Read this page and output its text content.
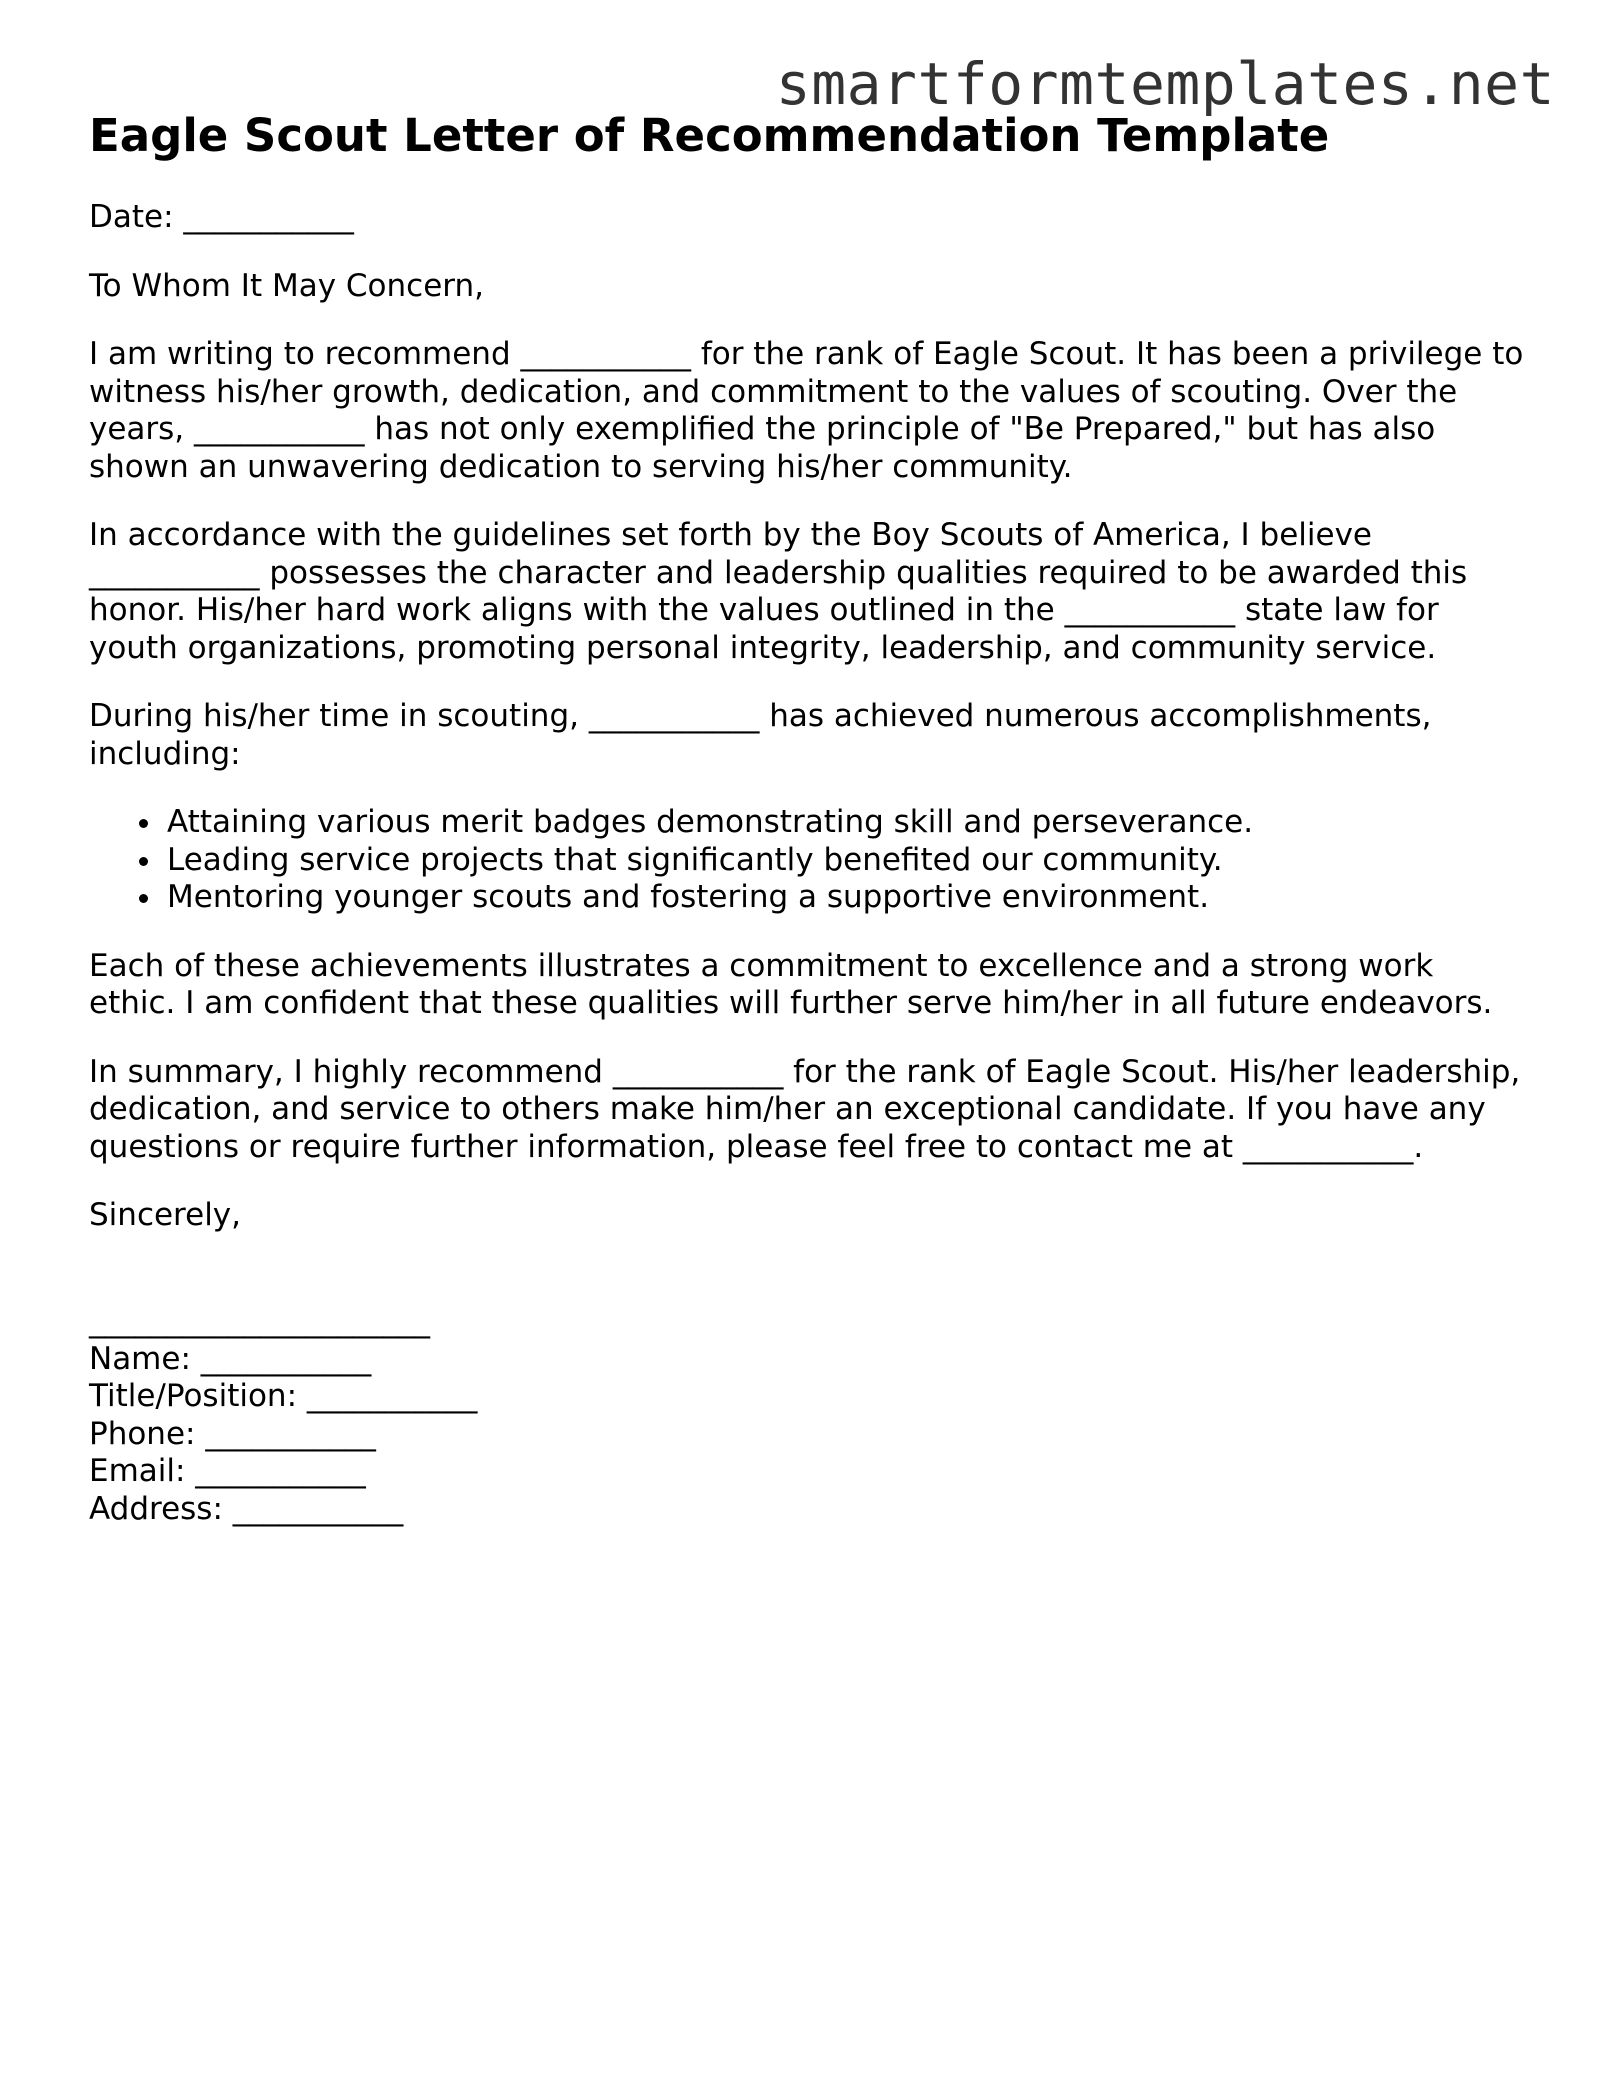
smartformtemplates.net
Eagle Scout Letter of Recommendation Template

Date: ___________

To Whom It May Concern,

I am writing to recommend ___________ for the rank of Eagle Scout. It has been a privilege to witness his/her growth, dedication, and commitment to the values of scouting. Over the years, ___________ has not only exemplified the principle of "Be Prepared," but has also shown an unwavering dedication to serving his/her community.

In accordance with the guidelines set forth by the Boy Scouts of America, I believe ___________ possesses the character and leadership qualities required to be awarded this honor. His/her hard work aligns with the values outlined in the ___________ state law for youth organizations, promoting personal integrity, leadership, and community service.

During his/her time in scouting, ___________ has achieved numerous accomplishments, including:

Attaining various merit badges demonstrating skill and perseverance.
Leading service projects that significantly benefited our community.
Mentoring younger scouts and fostering a supportive environment.

Each of these achievements illustrates a commitment to excellence and a strong work ethic. I am confident that these qualities will further serve him/her in all future endeavors.

In summary, I highly recommend ___________ for the rank of Eagle Scout. His/her leadership, dedication, and service to others make him/her an exceptional candidate. If you have any questions or require further information, please feel free to contact me at ___________.

Sincerely,

______________________
Name: ___________
Title/Position: ___________
Phone: ___________
Email: ___________
Address: ___________
